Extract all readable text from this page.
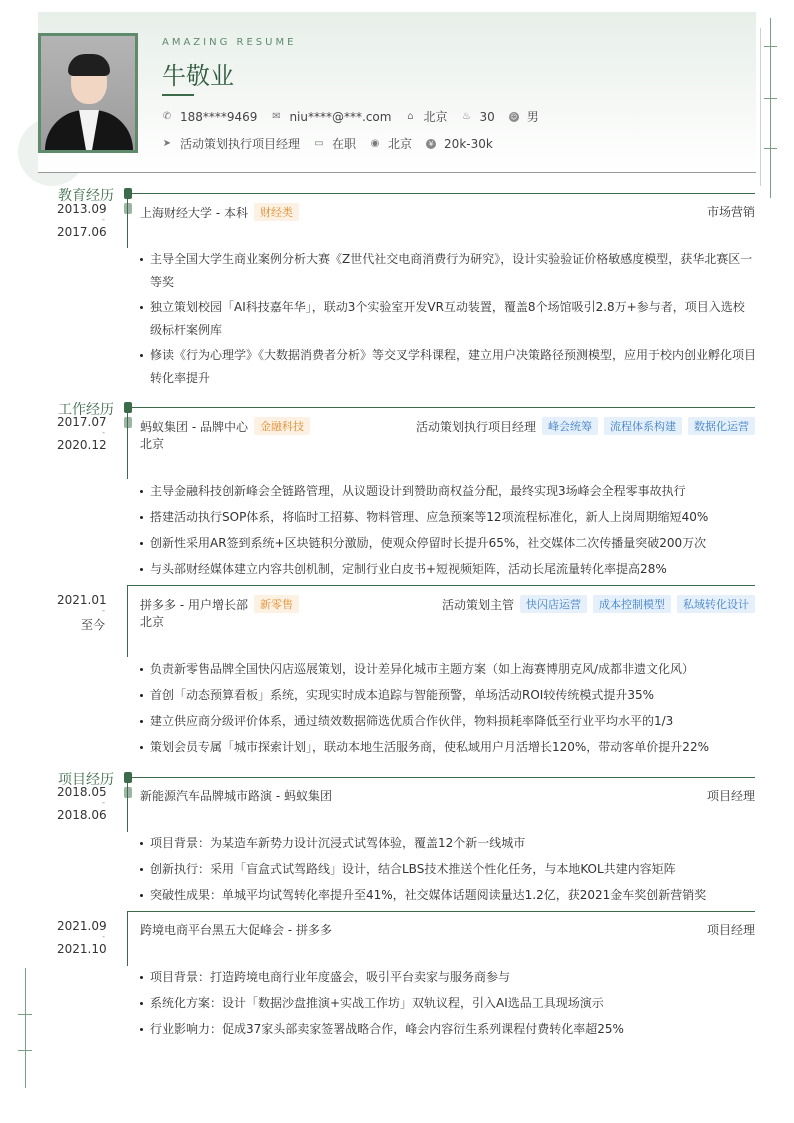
AMAZING RESUME
牛敬业
✆ 188****9469 ✉ niu****@***.com ⌂ 北京 ♨ 30 ☺ 男
➤ 活动策划执行项目经理 ▭ 在职 ◉ 北京	¥ 20k-30k
教育经历
2013.09
-
2017.06
上海财经大学 - 本科	财经类	市场营销
主导全国大学生商业案例分析大赛《Z世代社交电商消费行为研究》，设计实验验证价格敏感度模型，获华北赛区一等奖
独立策划校园「AI科技嘉年华」，联动3个实验室开发VR互动装置，覆盖8个场馆吸引2.8万+参与者，项目入选校级标杆案例库
修读《行为心理学》《大数据消费者分析》等交叉学科课程，建立用户决策路径预测模型，应用于校内创业孵化项目转化率提升
工作经历
2017.07
-
2020.12
蚂蚁集团 - 品牌中心	金融科技	活动策划执行项目经理	峰会统筹	流程体系构建	数据化运营
北京
主导金融科技创新峰会全链路管理，从议题设计到赞助商权益分配，最终实现3场峰会全程零事故执行
搭建活动执行SOP体系，将临时工招募、物料管理、应急预案等12项流程标准化，新人上岗周期缩短40%
创新性采用AR签到系统+区块链积分激励，使观众停留时长提升65%，社交媒体二次传播量突破200万次
与头部财经媒体建立内容共创机制，定制行业白皮书+短视频矩阵，活动长尾流量转化率提高28%
2021.01
-
至今
拼多多 - 用户增长部	新零售	活动策划主管	快闪店运营	成本控制模型	私域转化设计
北京
负责新零售品牌全国快闪店巡展策划，设计差异化城市主题方案（如上海赛博朋克风/成都非遗文化风）
首创「动态预算看板」系统，实现实时成本追踪与智能预警，单场活动ROI较传统模式提升35%
建立供应商分级评价体系，通过绩效数据筛选优质合作伙伴，物料损耗率降低至行业平均水平的1/3
策划会员专属「城市探索计划」，联动本地生活服务商，使私域用户月活增长120%，带动客单价提升22%
项目经历
2018.05
-
2018.06
新能源汽车品牌城市路演 - 蚂蚁集团	项目经理
项目背景：为某造车新势力设计沉浸式试驾体验，覆盖12个新一线城市
创新执行：采用「盲盒式试驾路线」设计，结合LBS技术推送个性化任务，与本地KOL共建内容矩阵
突破性成果：单城平均试驾转化率提升至41%，社交媒体话题阅读量达1.2亿，获2021金车奖创新营销奖
2021.09
-
2021.10
跨境电商平台黑五大促峰会 - 拼多多	项目经理
项目背景：打造跨境电商行业年度盛会，吸引平台卖家与服务商参与
系统化方案：设计「数据沙盘推演+实战工作坊」双轨议程，引入AI选品工具现场演示
行业影响力：促成37家头部卖家签署战略合作，峰会内容衍生系列课程付费转化率超25%
